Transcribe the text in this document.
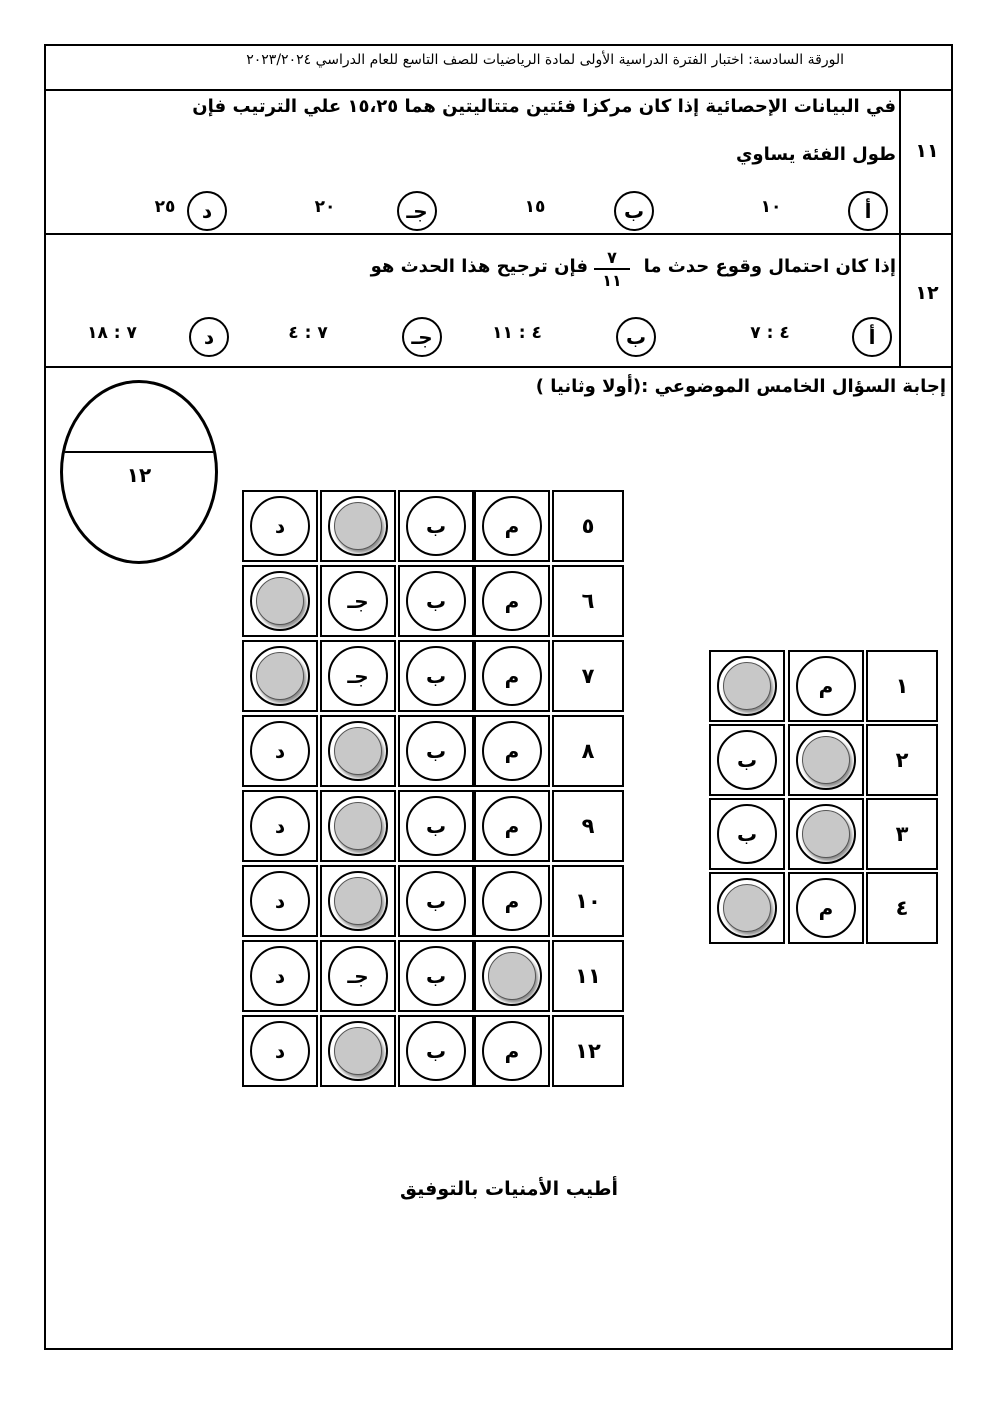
الورقة السادسة: اختبار الفترة الدراسية الأولى لمادة الرياضيات للصف التاسع للعام الدراسي ٢٠٢٣/٢٠٢٤
١١
في البيانات الإحصائية إذا كان مركزا فئتين متتاليتين هما ١٥،٢٥ علي الترتيب فإن
طول الفئة يساوي
أ
١٠
ب
١٥
جـ
٢٠
د
٢٥
١٢
إذا كان احتمال وقوع حدث ما
٧
١١
فإن ترجيح هذا الحدث هو
أ
٤ : ٧
ب
٤ : ١١
جـ
٧ : ٤
د
٧ : ١٨
إجابة السؤال الخامس الموضوعي :(أولا وثانيا )
١٢
٥
م
ب
د
٦
م
ب
جـ
٧
م
ب
جـ
٨
م
ب
د
٩
م
ب
د
١٠
م
ب
د
١١
ب
جـ
د
١٢
م
ب
د
١
م
٢
ب
٣
ب
٤
م
أطيب الأمنيات بالتوفيق
